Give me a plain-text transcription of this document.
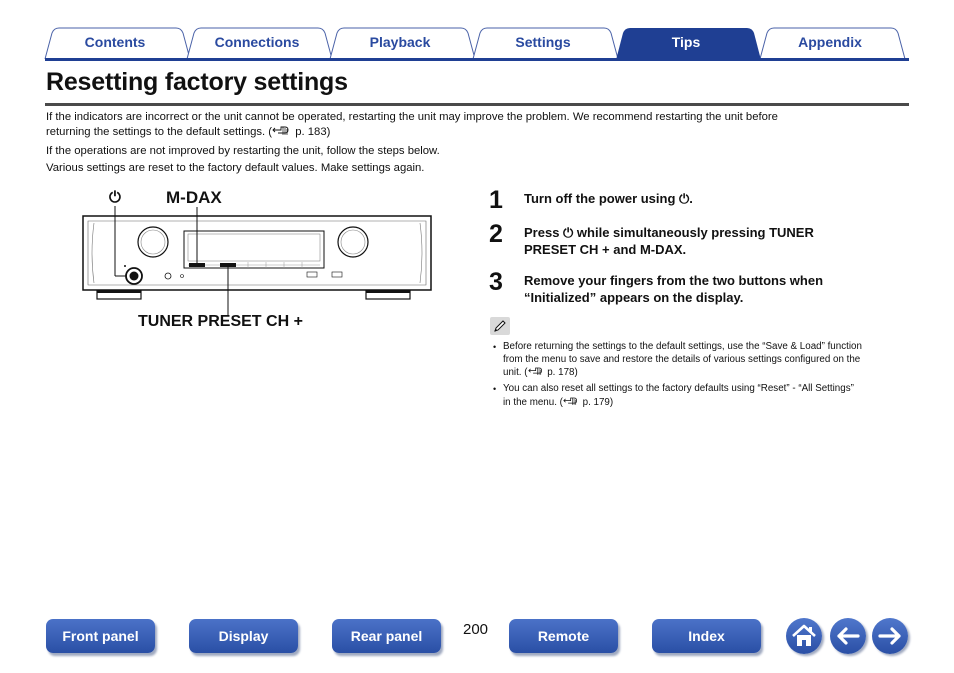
Contents	Connections	Playback	Settings	Tips	Appendix
Resetting factory settings
If the indicators are incorrect or the unit cannot be operated, restarting the unit may improve the problem. We recommend restarting the unit before
returning the settings to the default settings. ( p. 183)
If the operations are not improved by restarting the unit, follow the steps below.
Various settings are reset to the factory default values. Make settings again.
⏻	M-DAX
TUNER PRESET CH +
1 Turn off the power using ⏻.
2 Press ⏻ while simultaneously pressing TUNER PRESET CH + and M-DAX.
3 Remove your fingers from the two buttons when “Initialized” appears on the display.
• Before returning the settings to the default settings, use the “Save & Load” function
from the menu to save and restore the details of various settings configured on the
unit. ( p. 178)
• You can also reset all settings to the factory defaults using “Reset” - “All Settings”
in the menu. ( p. 179)
Front panel	Display	Rear panel	200	Remote	Index
